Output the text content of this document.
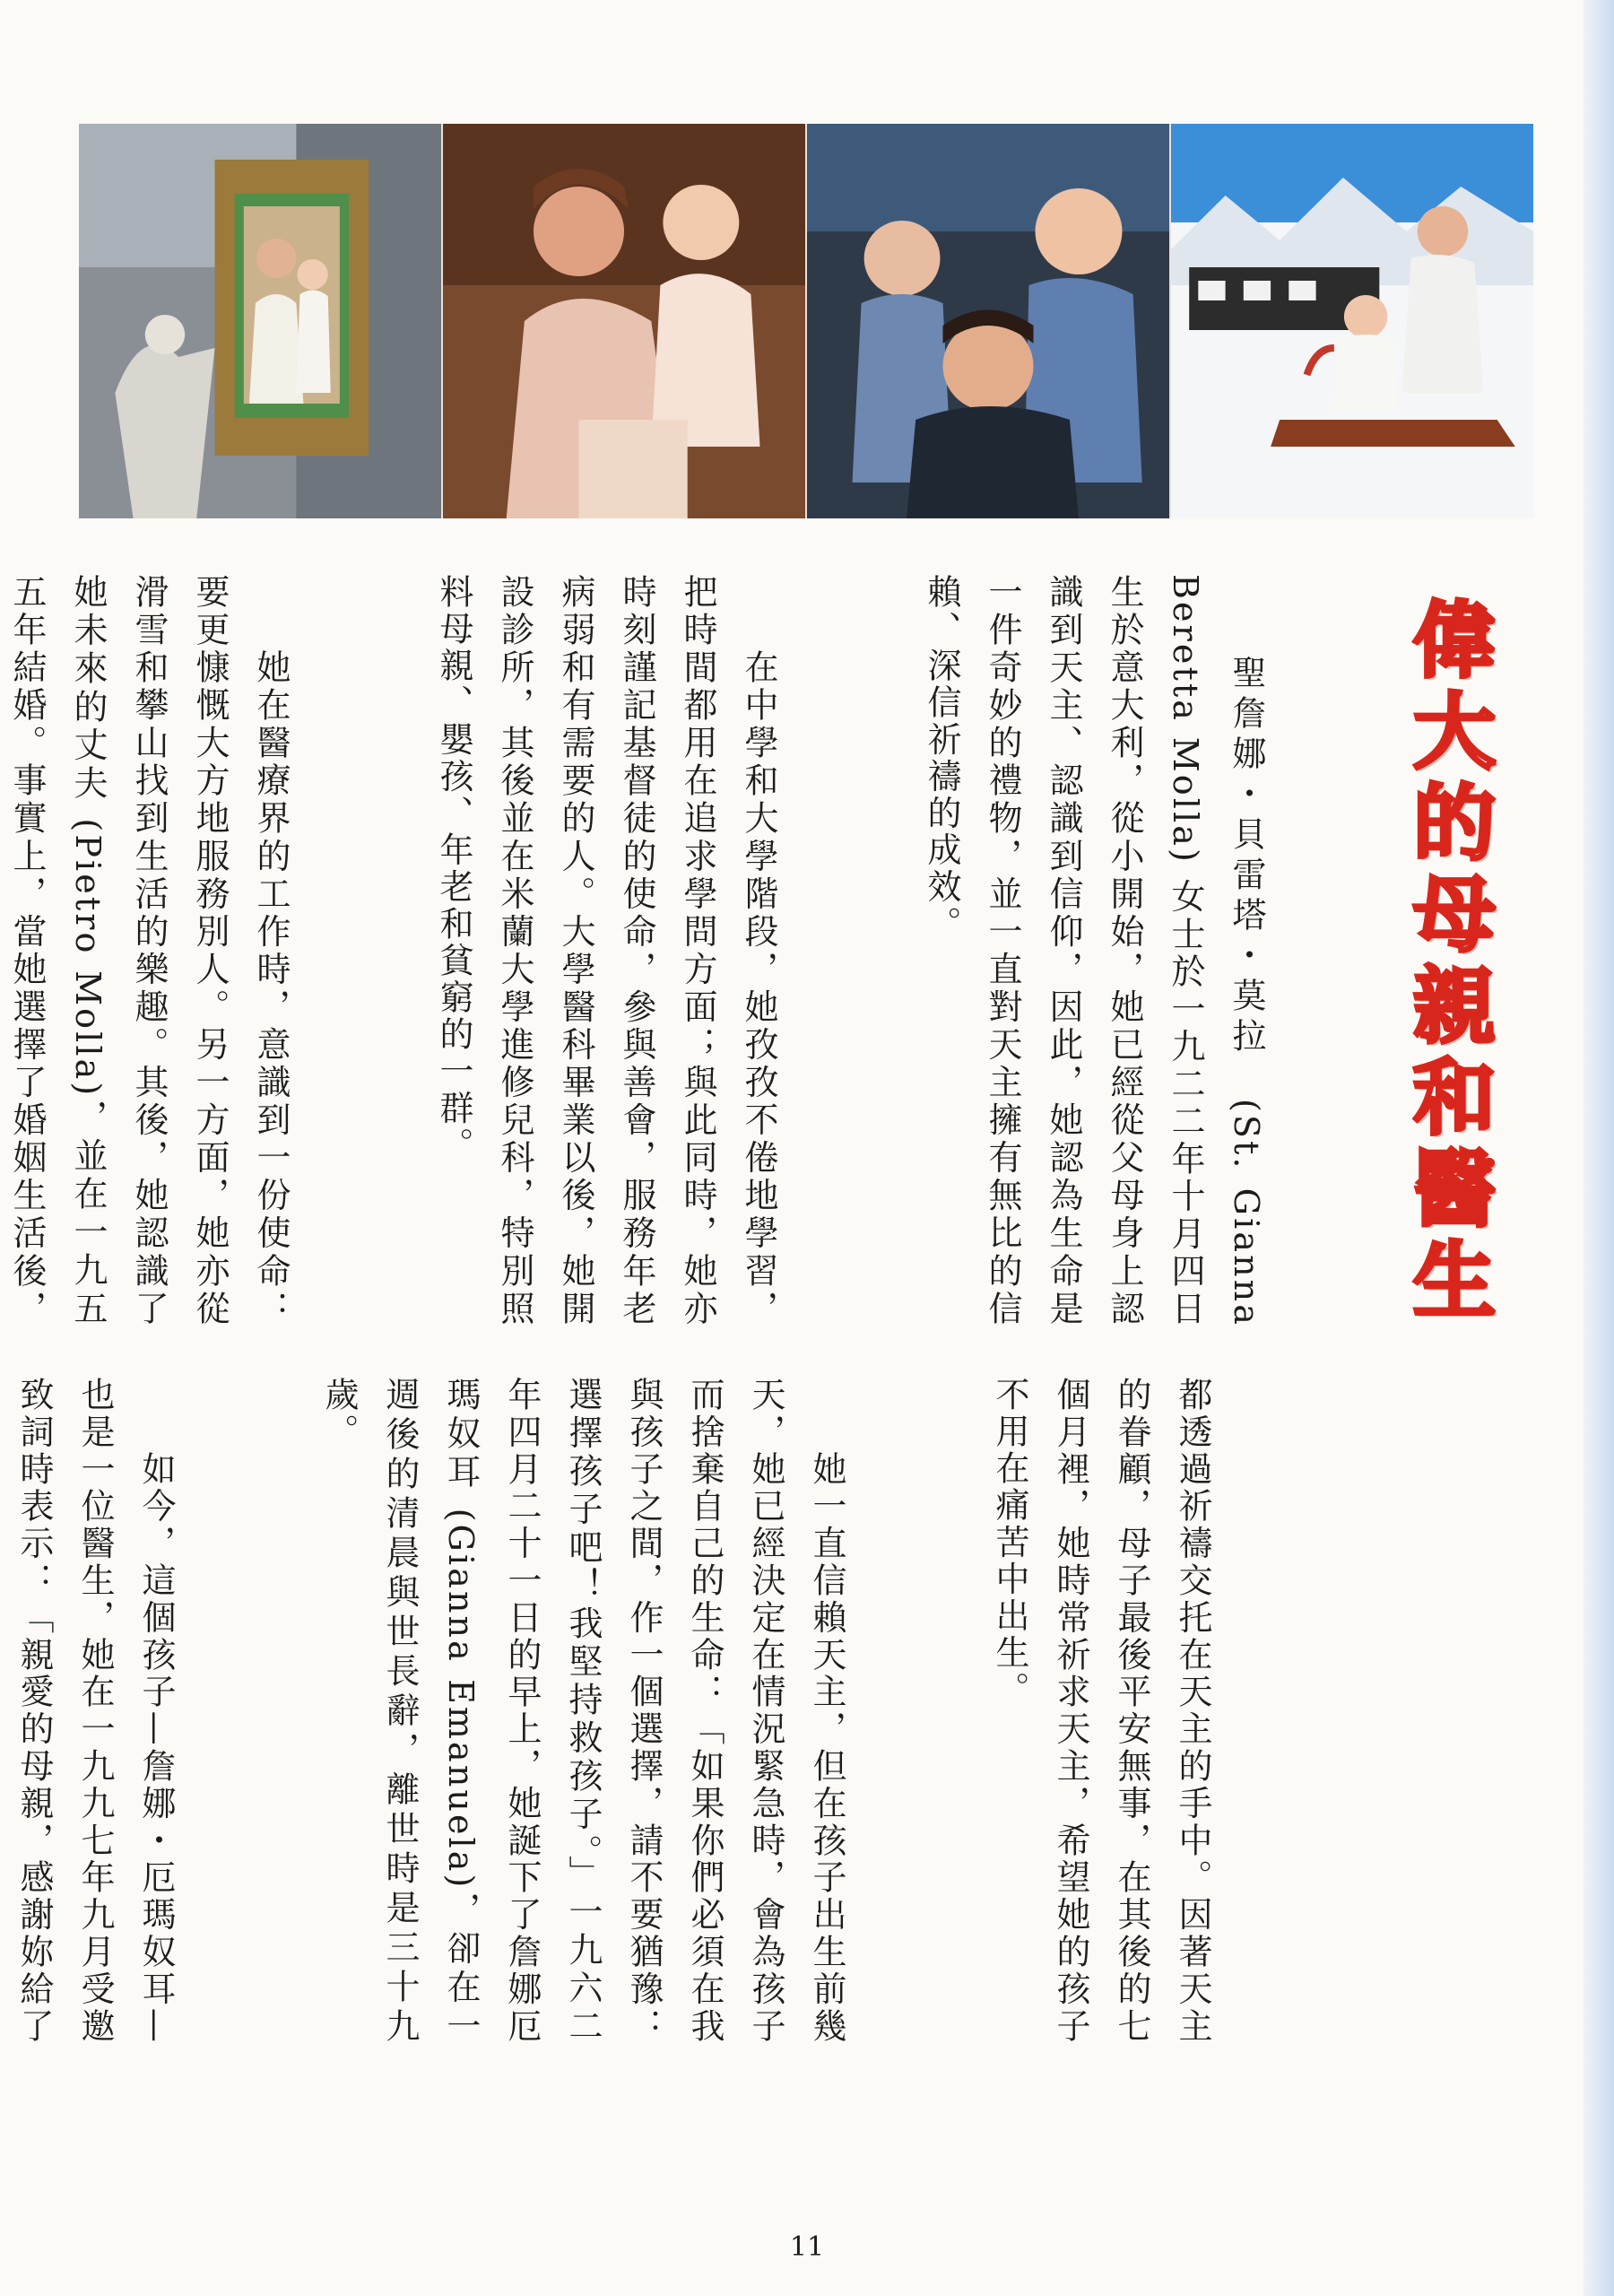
偉大的母親和醫生

　　聖詹娜・貝雷塔・莫拉　(St. Gianna Beretta Molla) 女士於一九二二年十月四日生於意大利，從小開始，她已經從父母身上認識到天主、認識到信仰，因此，她認為生命是一件奇妙的禮物，並一直對天主擁有無比的信賴、深信祈禱的成效。

　　在中學和大學階段，她孜孜不倦地學習，把時間都用在追求學問方面；與此同時，她亦時刻謹記基督徒的使命，參與善會，服務年老病弱和有需要的人。大學醫科畢業以後，她開設診所，其後並在米蘭大學進修兒科，特別照料母親、嬰孩、年老和貧窮的一群。

　　她在醫療界的工作時，意識到一份使命：要更慷慨大方地服務別人。另一方面，她亦從滑雪和攀山找到生活的樂趣。其後，她認識了她未來的丈夫 (Pietro Molla)，並在一九五五年結婚。事實上，當她選擇了婚姻生活後，

都透過祈禱交托在天主的手中。因著天主的眷顧，母子最後平安無事，在其後的七個月裡，她時常祈求天主，希望她的孩子不用在痛苦中出生。

　　她一直信賴天主，但在孩子出生前幾天，她已經決定在情況緊急時，會為孩子而捨棄自己的生命：「如果你們必須在我與孩子之間，作一個選擇，請不要猶豫：選擇孩子吧！我堅持救孩子。」一九六二年四月二十一日的早上，她誕下了詹娜厄瑪奴耳 (Gianna Emanuela)，卻在一週後的清晨與世長辭，離世時是三十九歲。

　　如今，這個孩子—詹娜・厄瑪奴耳—也是一位醫生，她在一九九七年九月受邀致詞時表示：「親愛的母親，感謝妳給了

11
